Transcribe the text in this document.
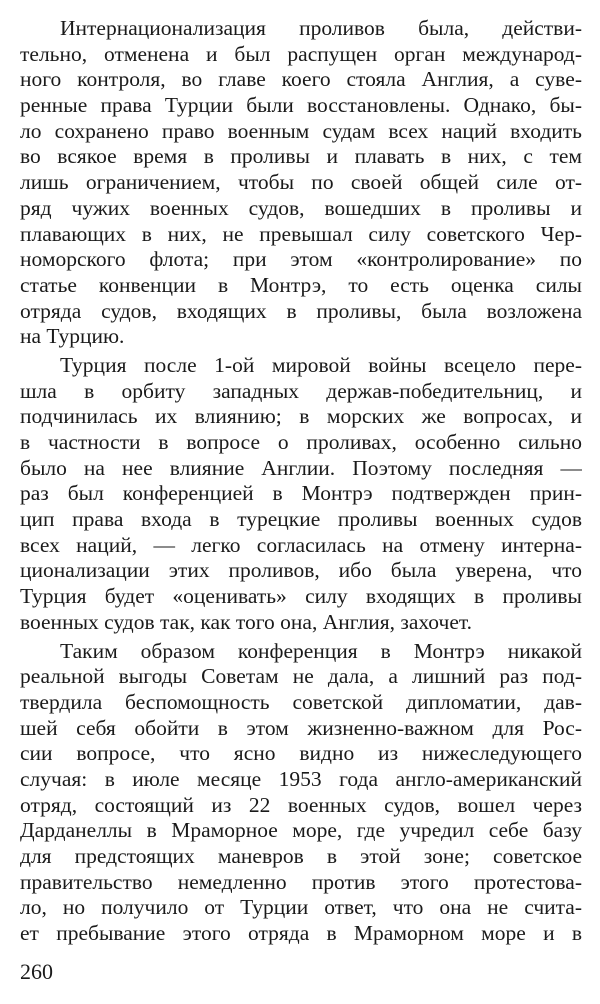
Интернационализация проливов была, действи-
тельно, отменена и был распущен орган международ-
ного контроля, во главе коего стояла Англия, а сувe-
ренные права Турции были восстановлены. Однако, бы-
ло сохранено право военным судам всех наций входить
во всякое время в проливы и плавать в них, с тем
лишь ограничением, чтобы по своей общей силе от-
ряд чужих военных судов, вошедших в проливы и
плавающих в них, не превышал силу советского Чер-
номорского флота; при этом «контролирование» по
статье конвенции в Монтрэ, то есть оценка силы
отряда судов, входящих в проливы, была возложена
на Турцию.
Турция после 1-ой мировой войны всецело пере-
шла в орбиту западных держав-победительниц, и
подчинилась их влиянию; в морских же вопросах, и
в частности в вопросе о проливах, особенно сильно
было на нее влияние Англии. Поэтому последняя —
раз был конференцией в Монтрэ подтвержден прин-
цип права входа в турецкие проливы военных судов
всех наций, — легко согласилась на отмену интерна-
ционализации этих проливов, ибо была уверена, что
Турция будет «оценивать» силу входящих в проливы
военных судов так, как того она, Англия, захочет.
Таким образом конференция в Монтрэ никакой
реальной выгоды Советам не дала, а лишний раз под-
твердила беспомощность советской дипломатии, дав-
шей себя обойти в этом жизненно-важном для Рос-
сии вопросе, что ясно видно из нижеследующего
случая: в июле месяце 1953 года англо-американский
отряд, состоящий из 22 военных судов, вошел через
Дарданеллы в Мраморное море, где учредил себе базу
для предстоящих маневров в этой зоне; советское
правительство немедленно против этого протестова-
ло, но получило от Турции ответ, что она не счита-
ет пребывание этого отряда в Мраморном море и в
260
